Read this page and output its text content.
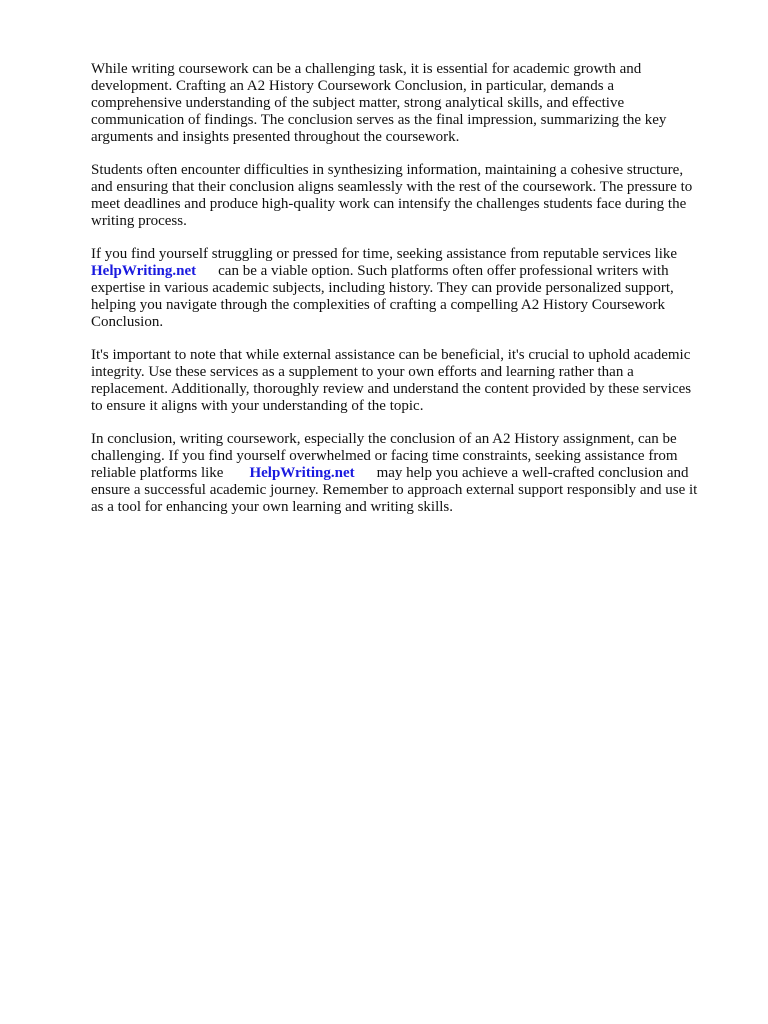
While writing coursework can be a challenging task, it is essential for academic growth and
development. Crafting an A2 History Coursework Conclusion, in particular, demands a
comprehensive understanding of the subject matter, strong analytical skills, and effective
communication of findings. The conclusion serves as the final impression, summarizing the key
arguments and insights presented throughout the coursework.

Students often encounter difficulties in synthesizing information, maintaining a cohesive structure,
and ensuring that their conclusion aligns seamlessly with the rest of the coursework. The pressure to
meet deadlines and produce high-quality work can intensify the challenges students face during the
writing process.

If you find yourself struggling or pressed for time, seeking assistance from reputable services like
HelpWriting.net can be a viable option. Such platforms often offer professional writers with
expertise in various academic subjects, including history. They can provide personalized support,
helping you navigate through the complexities of crafting a compelling A2 History Coursework
Conclusion.

It's important to note that while external assistance can be beneficial, it's crucial to uphold academic
integrity. Use these services as a supplement to your own efforts and learning rather than a
replacement. Additionally, thoroughly review and understand the content provided by these services
to ensure it aligns with your understanding of the topic.

In conclusion, writing coursework, especially the conclusion of an A2 History assignment, can be
challenging. If you find yourself overwhelmed or facing time constraints, seeking assistance from
reliable platforms like HelpWriting.net may help you achieve a well-crafted conclusion and
ensure a successful academic journey. Remember to approach external support responsibly and use it
as a tool for enhancing your own learning and writing skills.
